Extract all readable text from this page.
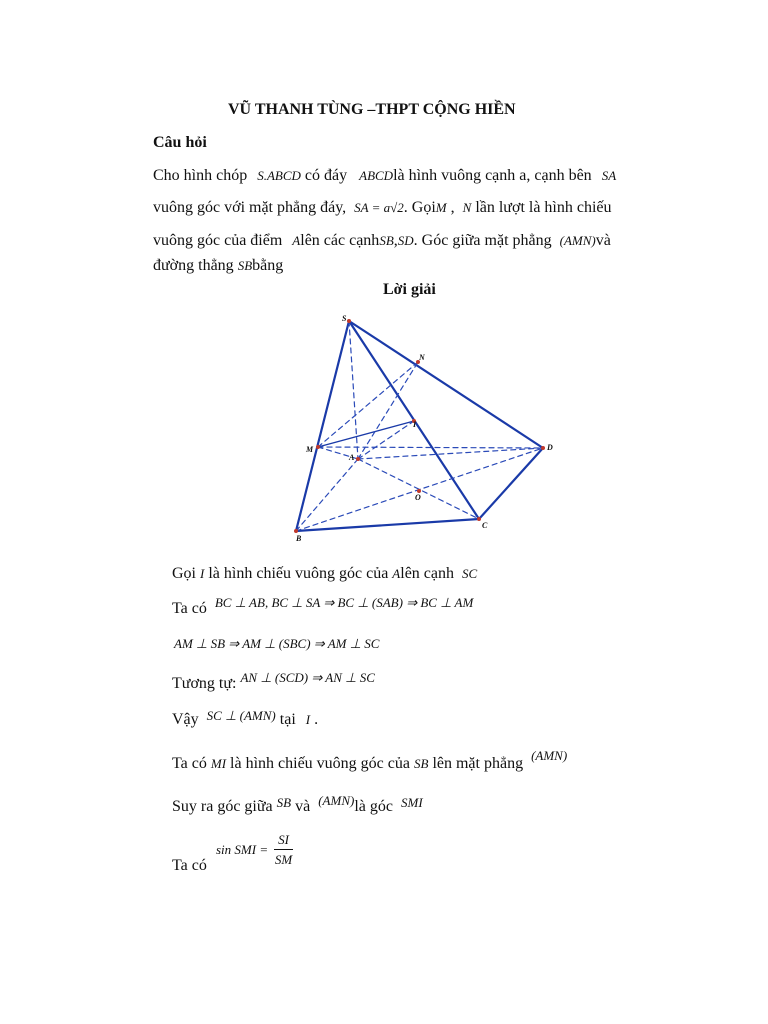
VŨ THANH TÙNG –THPT CỘNG HIỀN
Câu hỏi
Cho hình chóp S.ABCD có đáy ABCDlà hình vuông cạnh a, cạnh bên SA
vuông góc với mặt phẳng đáy, SA = a√2. GọiM , N lần lượt là hình chiếu
vuông góc của điểm Alên các cạnhSB,SD. Góc giữa mặt phẳng (AMN)và
đường thẳng SBbằng
Lời giải
S
N
I
D
M
A
O
C
B
Gọi I là hình chiếu vuông góc của Alên cạnh SC
Ta có $^{BC \perp AB, BC \perp SA \Rightarrow BC \perp (SAB) \Rightarrow BC \perp AM}$
AM ⊥ SB ⇒ AM ⊥ (SBC) ⇒ AM ⊥ SC
Tương tự: $^{AN \perp (SCD) \Rightarrow AN \perp SC}$
Vậy $^{SC \perp (AMN)}$ tại I .
Ta có MI là hình chiếu vuông góc của SB lên mặt phẳng $^{(AMN)}$
Suy ra góc giữa $^{SB}$ và $^{(AMN)}$là góc $^{SMI}$
Ta có
sin SMI = $\frac{SI}{SM}$
